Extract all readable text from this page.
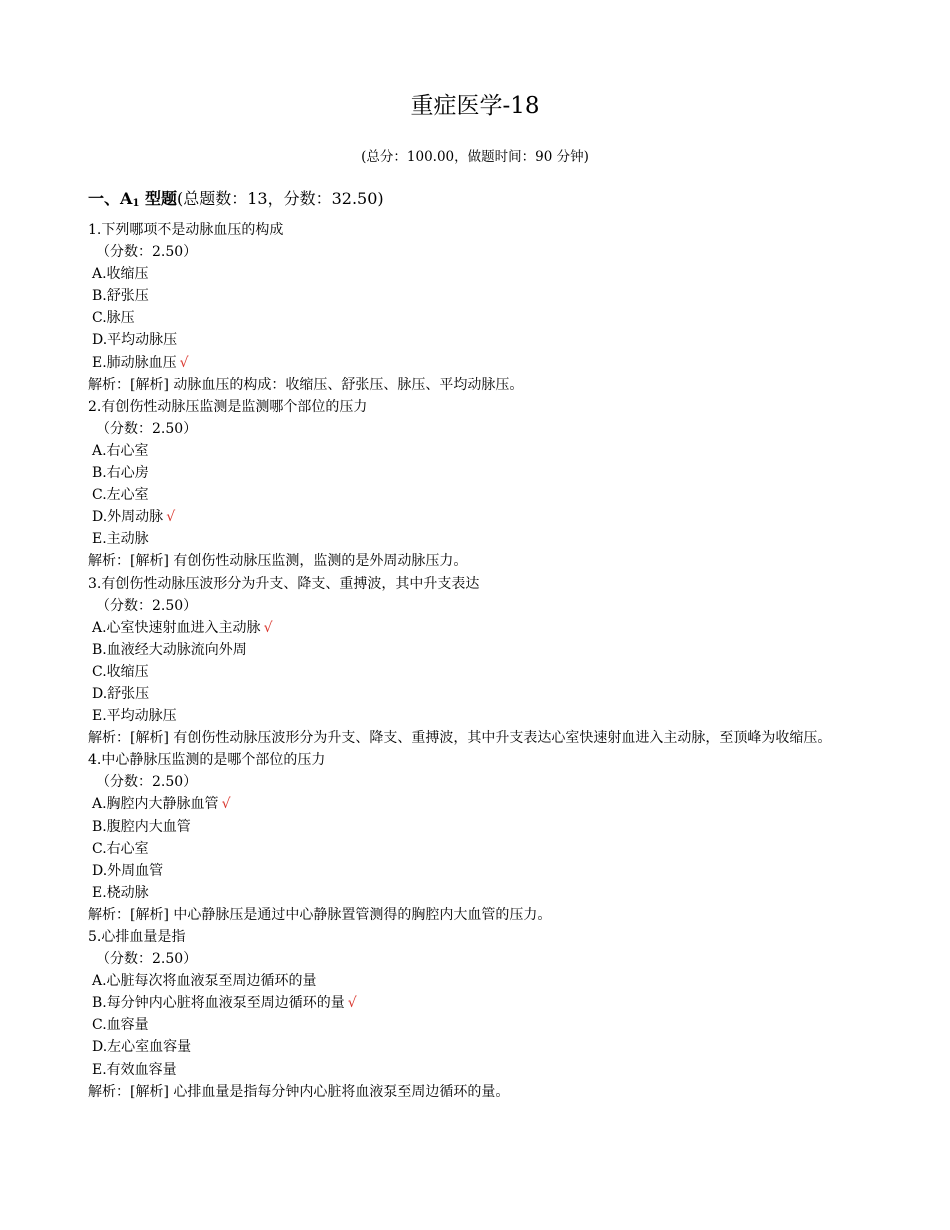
重症医学-18
(总分：100.00，做题时间：90 分钟)
一、$A_1$ 型题(总题数：13，分数：32.50)
1.下列哪项不是动脉血压的构成
（分数：2.50）
A.收缩压
B.舒张压
C.脉压
D.平均动脉压
E.肺动脉血压 √
解析：[解析] 动脉血压的构成：收缩压、舒张压、脉压、平均动脉压。
2.有创伤性动脉压监测是监测哪个部位的压力
（分数：2.50）
A.右心室
B.右心房
C.左心室
D.外周动脉 √
E.主动脉
解析：[解析] 有创伤性动脉压监测，监测的是外周动脉压力。
3.有创伤性动脉压波形分为升支、降支、重搏波，其中升支表达
（分数：2.50）
A.心室快速射血进入主动脉 √
B.血液经大动脉流向外周
C.收缩压
D.舒张压
E.平均动脉压
解析：[解析] 有创伤性动脉压波形分为升支、降支、重搏波，其中升支表达心室快速射血进入主动脉，至顶峰为收缩压。
4.中心静脉压监测的是哪个部位的压力
（分数：2.50）
A.胸腔内大静脉血管 √
B.腹腔内大血管
C.右心室
D.外周血管
E.桡动脉
解析：[解析] 中心静脉压是通过中心静脉置管测得的胸腔内大血管的压力。
5.心排血量是指
（分数：2.50）
A.心脏每次将血液泵至周边循环的量
B.每分钟内心脏将血液泵至周边循环的量 √
C.血容量
D.左心室血容量
E.有效血容量
解析：[解析] 心排血量是指每分钟内心脏将血液泵至周边循环的量。
